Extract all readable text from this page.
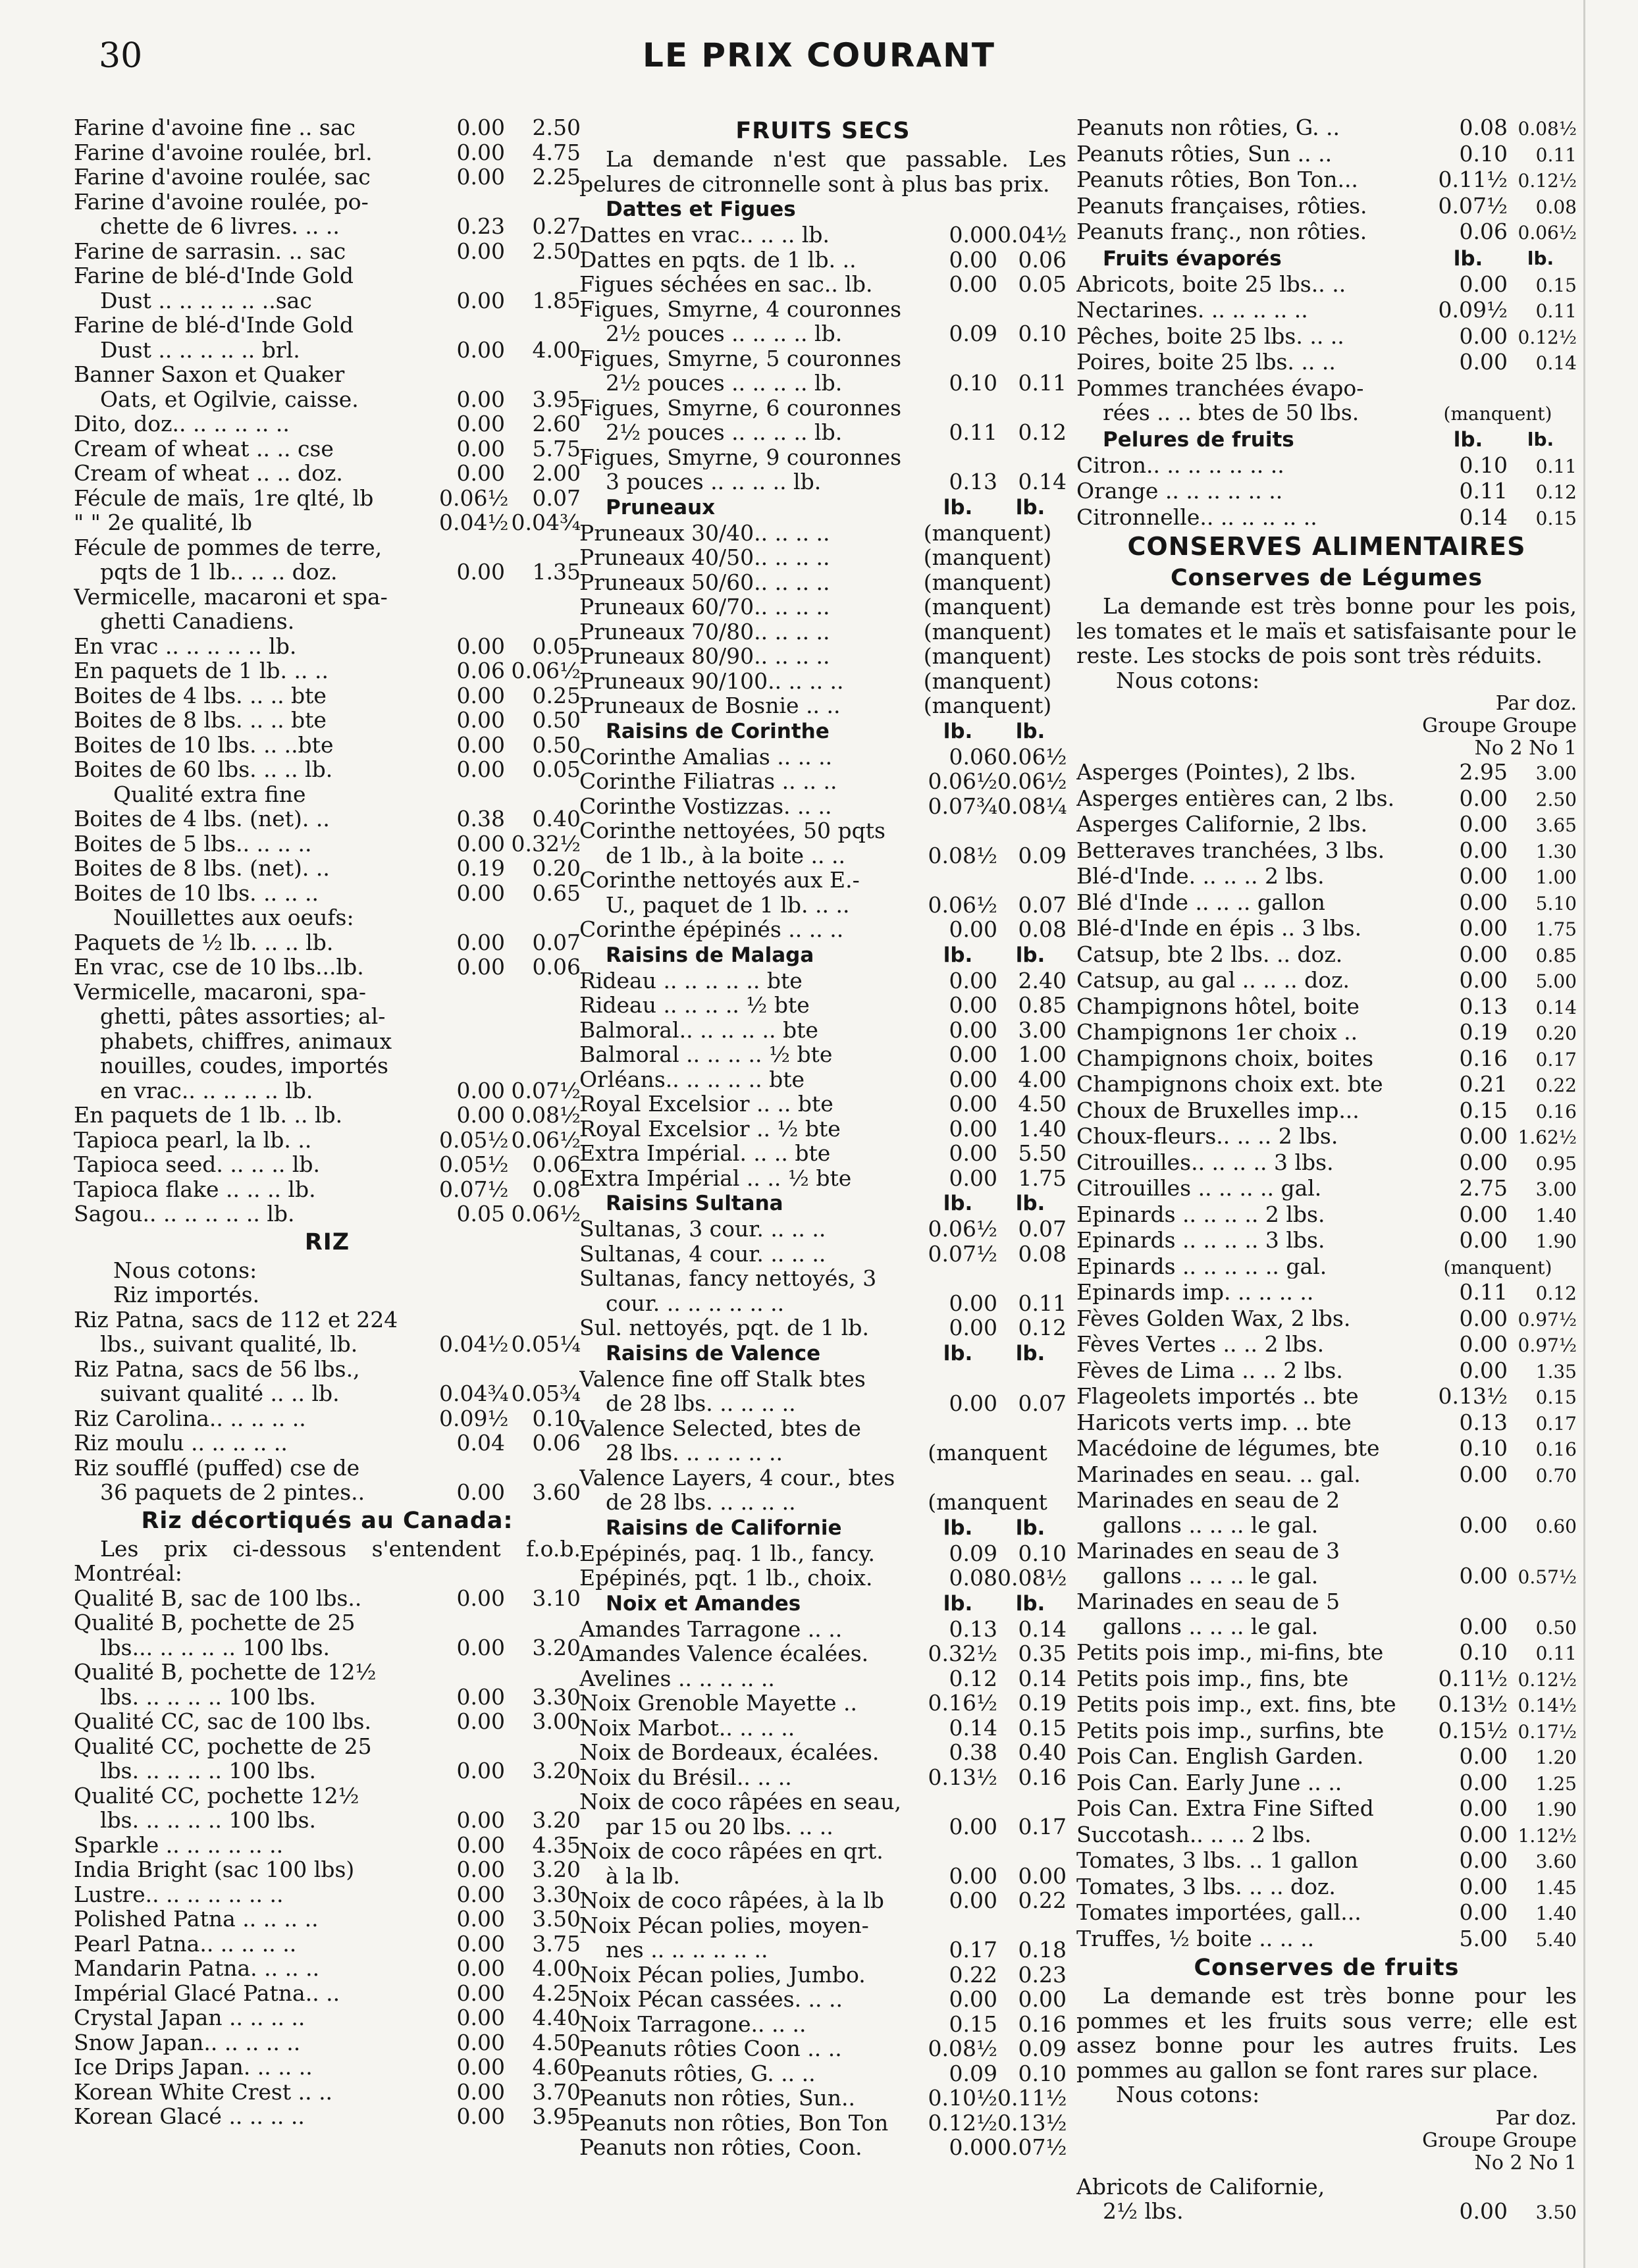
30	LE PRIX COURANT
Farine d'avoine fine .. sac	0.00	2.50
Farine d'avoine roulée, brl.	0.00	4.75
Farine d'avoine roulée, sac	0.00	2.25
Farine d'avoine roulée, po-
chette de 6 livres. .. ..	0.23	0.27
Farine de sarrasin. .. sac	0.00	2.50
Farine de blé-d'Inde Gold
Dust .. .. .. .. .. ..sac	0.00	1.85
Farine de blé-d'Inde Gold
Dust .. .. .. .. .. brl.	0.00	4.00
Banner Saxon et Quaker
Oats, et Ogilvie, caisse.	0.00	3.95
Dito, doz.. .. .. .. .. ..	0.00	2.60
Cream of wheat .. .. cse	0.00	5.75
Cream of wheat .. .. doz.	0.00	2.00
Fécule de maïs, 1re qlté, lb	0.06½	0.07
" " 2e qualité, lb	0.04½ 0.04¾
Fécule de pommes de terre,
pqts de 1 lb.. .. .. doz.	0.00	1.35
Vermicelle, macaroni et spa-
ghetti Canadiens.
En vrac .. .. .. .. .. lb.	0.00	0.05
En paquets de 1 lb. .. ..	0.06 0.06½
Boites de 4 lbs. .. .. bte	0.00	0.25
Boites de 8 lbs. .. .. bte	0.00	0.50
Boites de 10 lbs. .. ..bte	0.00	0.50
Boites de 60 lbs. .. .. lb.	0.00	0.05
Qualité extra fine
Boites de 4 lbs. (net). ..	0.38	0.40
Boites de 5 lbs.. .. .. ..	0.00 0.32½
Boites de 8 lbs. (net). ..	0.19	0.20
Boites de 10 lbs. .. .. ..	0.00	0.65
Nouillettes aux oeufs:
Paquets de ½ lb. .. .. lb.	0.00	0.07
En vrac, cse de 10 lbs...lb.	0.00	0.06
Vermicelle, macaroni, spa-
ghetti, pâtes assorties; al-
phabets, chiffres, animaux
nouilles, coudes, importés
en vrac.. .. .. .. .. lb.	0.00 0.07½
En paquets de 1 lb. .. lb.	0.00 0.08½
Tapioca pearl, la lb. ..	0.05½ 0.06½
Tapioca seed. .. .. .. lb.	0.05½	0.06
Tapioca flake .. .. .. lb.	0.07½	0.08
Sagou.. .. .. .. .. .. lb.	0.05 0.06½
RIZ
Nous cotons:
Riz importés.
Riz Patna, sacs de 112 et 224
lbs., suivant qualité, lb.	0.04½ 0.05¼
Riz Patna, sacs de 56 lbs.,
suivant qualité .. .. lb.	0.04¾ 0.05¾
Riz Carolina.. .. .. .. ..	0.09½	0.10
Riz moulu .. .. .. .. ..	0.04	0.06
Riz soufflé (puffed) cse de
36 paquets de 2 pintes..	0.00	3.60
Riz décortiqués au Canada:
Les prix ci-dessous s'entendent f.o.b. Montréal:
Qualité B, sac de 100 lbs..	0.00	3.10
Qualité B, pochette de 25
lbs... .. .. .. .. 100 lbs.	0.00	3.20
Qualité B, pochette de 12½
lbs. .. .. .. .. 100 lbs.	0.00	3.30
Qualité CC, sac de 100 lbs.	0.00	3.00
Qualité CC, pochette de 25
lbs. .. .. .. .. 100 lbs.	0.00	3.20
Qualité CC, pochette 12½
lbs. .. .. .. .. 100 lbs.	0.00	3.20
Sparkle .. .. .. .. .. ..	0.00	4.35
India Bright (sac 100 lbs)	0.00	3.20
Lustre.. .. .. .. .. .. ..	0.00	3.30
Polished Patna .. .. .. ..	0.00	3.50
Pearl Patna.. .. .. .. ..	0.00	3.75
Mandarin Patna. .. .. ..	0.00	4.00
Impérial Glacé Patna.. ..	0.00	4.25
Crystal Japan .. .. .. ..	0.00	4.40
Snow Japan.. .. .. .. ..	0.00	4.50
Ice Drips Japan. .. .. ..	0.00	4.60
Korean White Crest .. ..	0.00	3.70
Korean Glacé .. .. .. ..	0.00	3.95
FRUITS SECS
La demande n'est que passable. Les pelures de citronnelle sont à plus bas prix.
Dattes et Figues
Dattes en vrac.. .. .. lb.	0.00 0.04½
Dattes en pqts. de 1 lb. ..	0.00 0.06
Figues séchées en sac.. lb.	0.00 0.05
Figues, Smyrne, 4 couronnes
2½ pouces .. .. .. .. lb.	0.09 0.10
Figues, Smyrne, 5 couronnes
2½ pouces .. .. .. .. lb.	0.10 0.11
Figues, Smyrne, 6 couronnes
2½ pouces .. .. .. .. lb.	0.11 0.12
Figues, Smyrne, 9 couronnes
3 pouces .. .. .. .. lb.	0.13 0.14
Pruneaux	lb.	lb.
Pruneaux 30/40.. .. .. ..	(manquent)
Pruneaux 40/50.. .. .. ..	(manquent)
Pruneaux 50/60.. .. .. ..	(manquent)
Pruneaux 60/70.. .. .. ..	(manquent)
Pruneaux 70/80.. .. .. ..	(manquent)
Pruneaux 80/90.. .. .. ..	(manquent)
Pruneaux 90/100.. .. .. ..	(manquent)
Pruneaux de Bosnie .. ..	(manquent)
Raisins de Corinthe	lb.	lb.
Corinthe Amalias .. .. ..	0.06 0.06½
Corinthe Filiatras .. .. ..	0.06½ 0.06½
Corinthe Vostizzas. .. ..	0.07¾ 0.08¼
Corinthe nettoyées, 50 pqts
de 1 lb., à la boite .. ..	0.08½ 0.09
Corinthe nettoyés aux E.-
U., paquet de 1 lb. .. ..	0.06½ 0.07
Corinthe épépinés .. .. ..	0.00 0.08
Raisins de Malaga	lb.	lb.
Rideau .. .. .. .. .. bte	0.00 2.40
Rideau .. .. .. .. ½ bte	0.00 0.85
Balmoral.. .. .. .. .. bte	0.00 3.00
Balmoral .. .. .. .. ½ bte	0.00 1.00
Orléans.. .. .. .. .. bte	0.00 4.00
Royal Excelsior .. .. bte	0.00 4.50
Royal Excelsior .. ½ bte	0.00 1.40
Extra Impérial. .. .. bte	0.00 5.50
Extra Impérial .. .. ½ bte	0.00 1.75
Raisins Sultana	lb.	lb.
Sultanas, 3 cour. .. .. ..	0.06½ 0.07
Sultanas, 4 cour. .. .. ..	0.07½ 0.08
Sultanas, fancy nettoyés, 3
cour. .. .. .. .. .. ..	0.00 0.11
Sul. nettoyés, pqt. de 1 lb.	0.00 0.12
Raisins de Valence	lb.	lb.
Valence fine off Stalk btes
de 28 lbs. .. .. .. ..	0.00 0.07
Valence Selected, btes de
28 lbs. .. .. .. .. ..	(manquent
Valence Layers, 4 cour., btes
de 28 lbs. .. .. .. ..	(manquent
Raisins de Californie	lb.	lb.
Epépinés, paq. 1 lb., fancy.	0.09 0.10
Epépinés, pqt. 1 lb., choix.	0.08 0.08½
Noix et Amandes	lb.	lb.
Amandes Tarragone .. ..	0.13 0.14
Amandes Valence écalées.	0.32½ 0.35
Avelines .. .. .. .. ..	0.12 0.14
Noix Grenoble Mayette ..	0.16½ 0.19
Noix Marbot.. .. .. ..	0.14 0.15
Noix de Bordeaux, écalées.	0.38 0.40
Noix du Brésil.. .. ..	0.13½ 0.16
Noix de coco râpées en seau,
par 15 ou 20 lbs. .. ..	0.00 0.17
Noix de coco râpées en qrt.
à la lb.	0.00 0.00
Noix de coco râpées, à la lb	0.00 0.22
Noix Pécan polies, moyen-
nes .. .. .. .. .. ..	0.17 0.18
Noix Pécan polies, Jumbo.	0.22 0.23
Noix Pécan cassées. .. ..	0.00 0.00
Noix Tarragone.. .. ..	0.15 0.16
Peanuts rôties Coon .. ..	0.08½ 0.09
Peanuts rôties, G. .. ..	0.09 0.10
Peanuts non rôties, Sun..	0.10½ 0.11½
Peanuts non rôties, Bon Ton	0.12½ 0.13½
Peanuts non rôties, Coon.	0.00 0.07½
Peanuts non rôties, G. ..	0.08 0.08½
Peanuts rôties, Sun .. ..	0.10	0.11
Peanuts rôties, Bon Ton...	0.11½ 0.12½
Peanuts françaises, rôties.	0.07½	0.08
Peanuts franç., non rôties.	0.06 0.06½
Fruits évaporés	lb.	lb.
Abricots, boite 25 lbs.. ..	0.00	0.15
Nectarines. .. .. .. .. ..	0.09½	0.11
Pêches, boite 25 lbs. .. ..	0.00 0.12½
Poires, boite 25 lbs. .. ..	0.00	0.14
Pommes tranchées évapo-
rées .. .. btes de 50 lbs.	(manquent)
Pelures de fruits	lb.	lb.
Citron.. .. .. .. .. .. ..	0.10	0.11
Orange .. .. .. .. .. ..	0.11	0.12
Citronnelle.. .. .. .. .. ..	0.14	0.15
CONSERVES ALIMENTAIRES
Conserves de Légumes
La demande est très bonne pour les pois, les tomates et le maïs et satisfaisante pour le reste. Les stocks de pois sont très réduits.
Nous cotons:
Par doz.
Groupe Groupe
No 2 No 1
Asperges (Pointes), 2 lbs.	2.95	3.00
Asperges entières can, 2 lbs.	0.00	2.50
Asperges Californie, 2 lbs.	0.00	3.65
Betteraves tranchées, 3 lbs.	0.00	1.30
Blé-d'Inde. .. .. .. 2 lbs.	0.00	1.00
Blé d'Inde .. .. .. gallon	0.00	5.10
Blé-d'Inde en épis .. 3 lbs.	0.00	1.75
Catsup, bte 2 lbs. .. doz.	0.00	0.85
Catsup, au gal .. .. .. doz.	0.00	5.00
Champignons hôtel, boite	0.13	0.14
Champignons 1er choix ..	0.19	0.20
Champignons choix, boites	0.16	0.17
Champignons choix ext. bte	0.21	0.22
Choux de Bruxelles imp...	0.15	0.16
Choux-fleurs.. .. .. 2 lbs.	0.00 1.62½
Citrouilles.. .. .. .. 3 lbs.	0.00	0.95
Citrouilles .. .. .. .. gal.	2.75	3.00
Epinards .. .. .. .. 2 lbs.	0.00	1.40
Epinards .. .. .. .. 3 lbs.	0.00	1.90
Epinards .. .. .. .. .. gal.	(manquent)
Epinards imp. .. .. .. ..	0.11	0.12
Fèves Golden Wax, 2 lbs.	0.00 0.97½
Fèves Vertes .. .. 2 lbs.	0.00 0.97½
Fèves de Lima .. .. 2 lbs.	0.00	1.35
Flageolets importés .. bte	0.13½	0.15
Haricots verts imp. .. bte	0.13	0.17
Macédoine de légumes, bte	0.10	0.16
Marinades en seau. .. gal.	0.00	0.70
Marinades en seau de 2
gallons .. .. .. le gal.	0.00	0.60
Marinades en seau de 3
gallons .. .. .. le gal.	0.00 0.57½
Marinades en seau de 5
gallons .. .. .. le gal.	0.00	0.50
Petits pois imp., mi-fins, bte	0.10	0.11
Petits pois imp., fins, bte	0.11½ 0.12½
Petits pois imp., ext. fins, bte	0.13½ 0.14½
Petits pois imp., surfins, bte	0.15½ 0.17½
Pois Can. English Garden.	0.00	1.20
Pois Can. Early June .. ..	0.00	1.25
Pois Can. Extra Fine Sifted	0.00	1.90
Succotash.. .. .. 2 lbs.	0.00 1.12½
Tomates, 3 lbs. .. 1 gallon	0.00	3.60
Tomates, 3 lbs. .. .. doz.	0.00	1.45
Tomates importées, gall...	0.00	1.40
Truffes, ½ boite .. .. ..	5.00	5.40
Conserves de fruits
La demande est très bonne pour les pommes et les fruits sous verre; elle est assez bonne pour les autres fruits. Les pommes au gallon se font rares sur place.
Nous cotons:
Par doz.
Groupe Groupe
No 2 No 1
Abricots de Californie,
2½ lbs.	0.00	3.50
